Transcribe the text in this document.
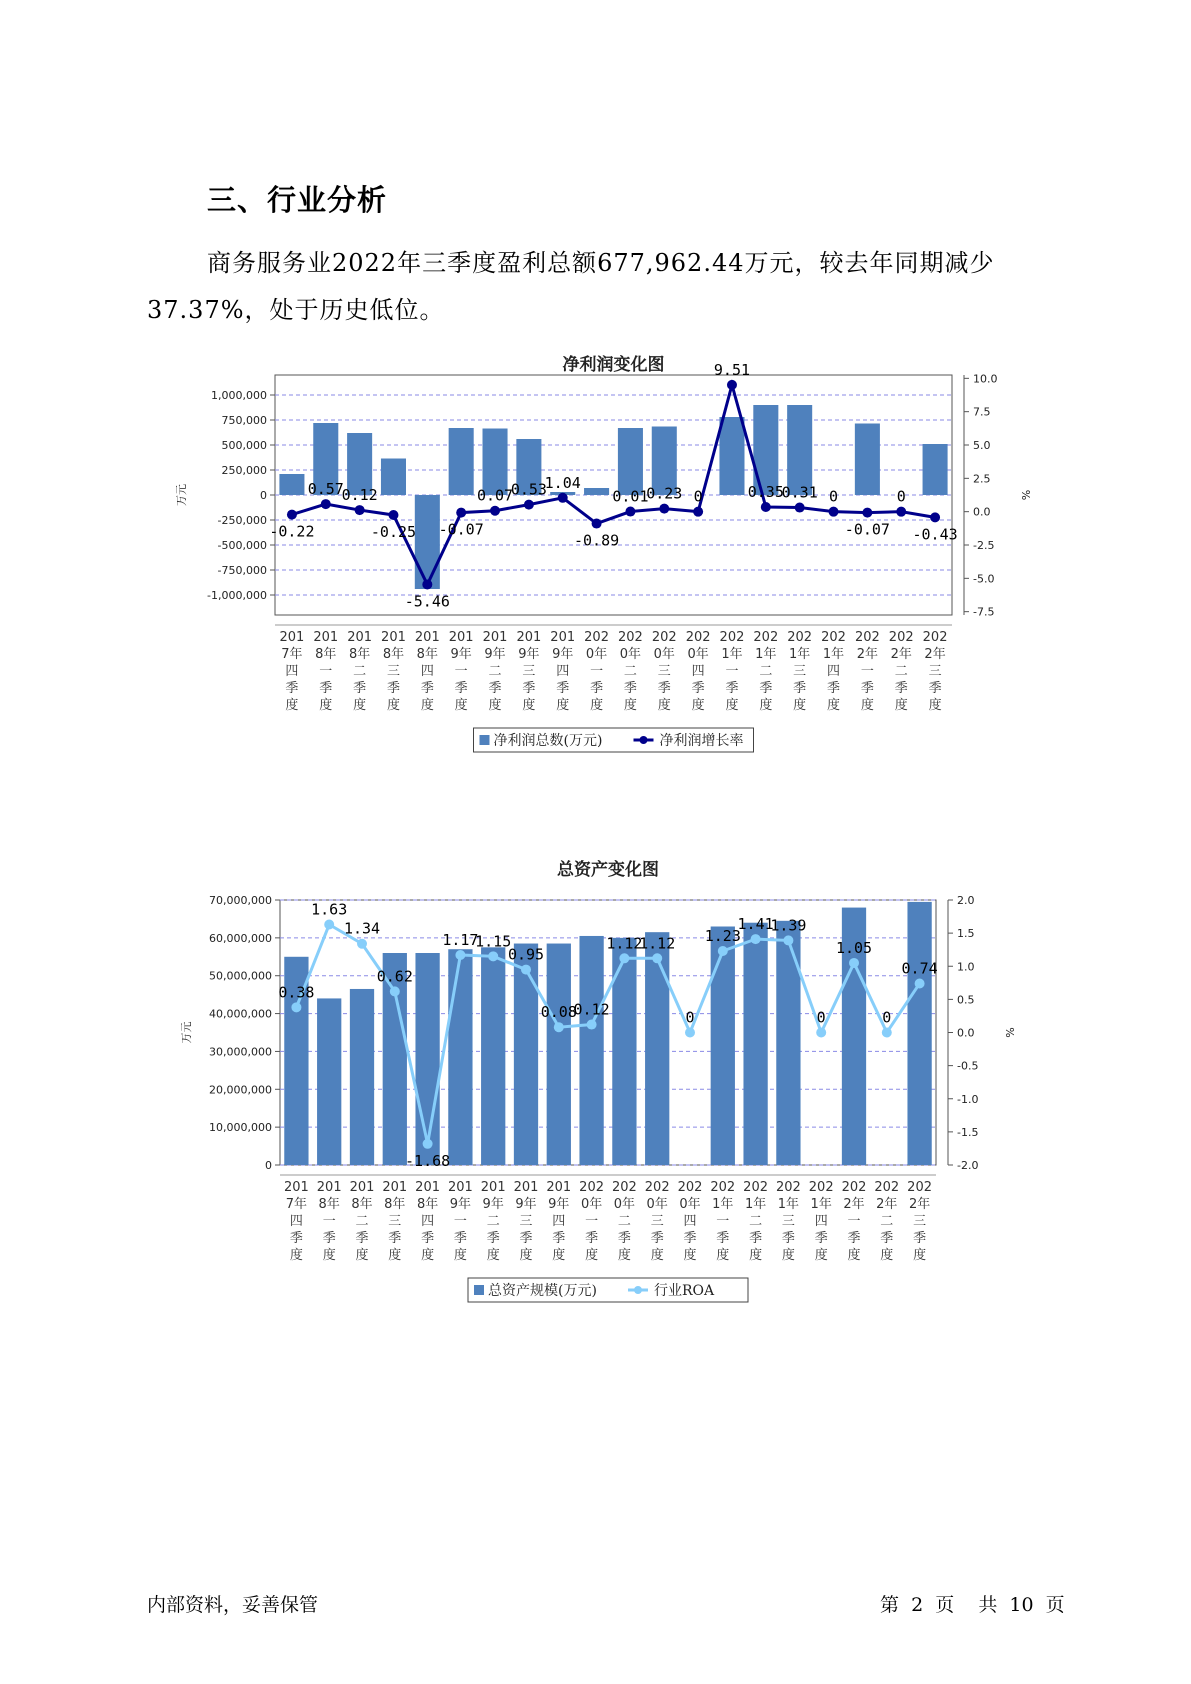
三、行业分析
商务服务业2022年三季度盈利总额677,962.44万元，较去年同期减少37.37%，处于历史低位。
净利润变化图
1,000,000
750,000
500,000
250,000
0
-250,000
-500,000
-750,000
-1,000,000
万元
10.0
7.5
5.0
2.5
0.0
-2.5
-5.0
-7.5
%
-0.22
0.57
0.12
-0.25
-5.46
-0.07
0.07
0.53
1.04
-0.89
0.01
0.23 0
9.51
0.35
0.31 0
-0.07
0
-0.43
201
7年
四
季
度
201
8年
一
季
度
201
8年
二
季
度
201
8年
三
季
度
201
8年
四
季
度
201
9年
一
季
度
201
9年
二
季
度
201
9年
三
季
度
201
9年
四
季
度
202
0年
一
季
度
202
0年
二
季
度
202
0年
三
季
度
202
0年
四
季
度
202
1年
一
季
度
202
1年
二
季
度
202
1年
三
季
度
202
1年
四
季
度
202
2年
一
季
度
202
2年
二
季
度
202
2年
三
季
度
净利润总数(万元)	净利润增长率
总资产变化图
70,000,000
60,000,000
50,000,000
40,000,000
30,000,000
20,000,000
10,000,000
0
万元
2.0
1.5
1.0
0.5
0.0
-0.5
-1.0
-1.5
-2.0
%
0.38
1.63
1.34
0.62
-1.68
1.17
1.15
0.95
0.08
0.12
1.12
1.12
0
1.23
1.41
1.39
0
1.05
0
0.74
201
7年
四
季
度
201
8年
一
季
度
201
8年
二
季
度
201
8年
三
季
度
201
8年
四
季
度
201
9年
一
季
度
201
9年
二
季
度
201
9年
三
季
度
201
9年
四
季
度
202
0年
一
季
度
202
0年
二
季
度
202
0年
三
季
度
202
0年
四
季
度
202
1年
一
季
度
202
1年
二
季
度
202
1年
三
季
度
202
1年
四
季
度
202
2年
一
季
度
202
2年
二
季
度
202
2年
三
季
度
总资产规模(万元)	行业ROA
内部资料，妥善保管	第 2 页 共 10 页
